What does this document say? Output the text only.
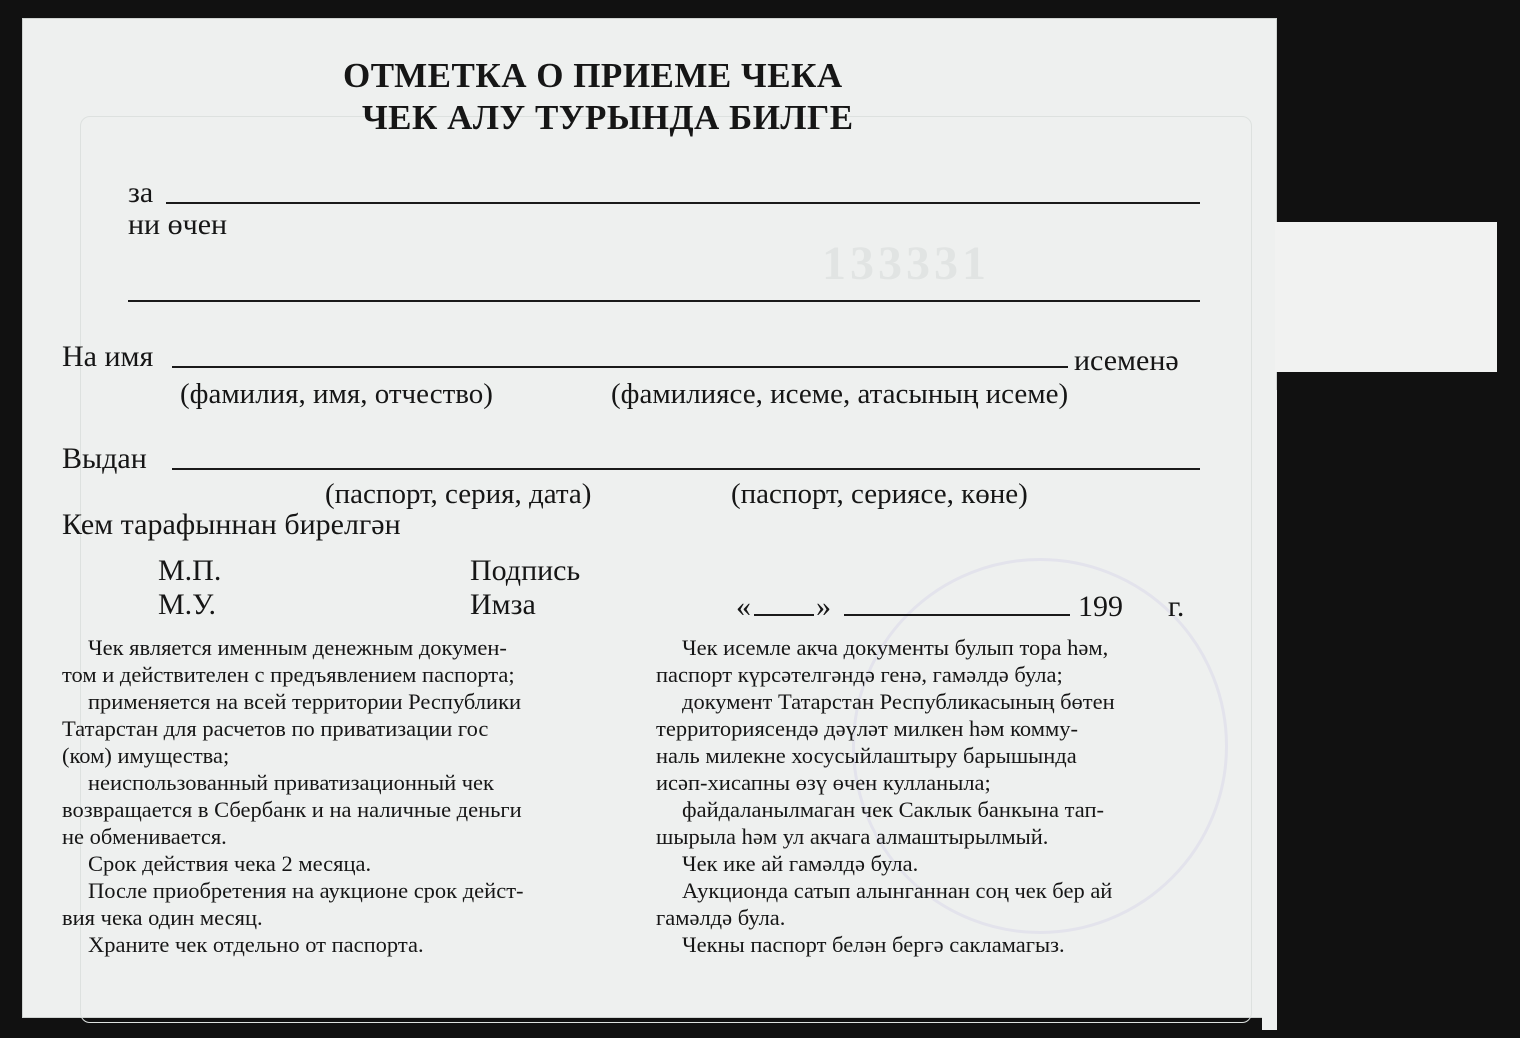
133331
ОТМЕТКА О ПРИЕМЕ ЧЕКА
ЧЕК АЛУ ТУРЫНДА БИЛГЕ
за
ни өчен
На имя	исеменә
(фамилия, имя, отчество)	(фамилиясе, исеме, атасының исеме)
Выдан
(паспорт, серия, дата)	(паспорт, сериясе, көне)
Кем тарафыннан бирелгән
М.П.
М.У.
Подпись
Имза	« »	199 г.
Чек является именным денежным докумен-
том и действителен с предъявлением паспорта;
применяется на всей территории Республики
Татарстан для расчетов по приватизации гос
(ком) имущества;
неиспользованный приватизационный чек
возвращается в Сбербанк и на наличные деньги
не обменивается.
Срок действия чека 2 месяца.
После приобретения на аукционе срок дейст-
вия чека один месяц.
Храните чек отдельно от паспорта.
Чек исемле акча документы булып тора һәм,
паспорт күрсәтелгәндә генә, гамәлдә була;
документ Татарстан Республикасының бөтен
территориясендә дәүләт милкен һәм комму-
наль милекне хосусыйлаштыру барышында
исәп-хисапны өзү өчен кулланыла;
файдаланылмаган чек Саклык банкына тап-
шырыла һәм ул акчага алмаштырылмый.
Чек ике ай гамәлдә була.
Аукционда сатып алынганнан соң чек бер ай
гамәлдә була.
Чекны паспорт белән бергә сакламагыз.
